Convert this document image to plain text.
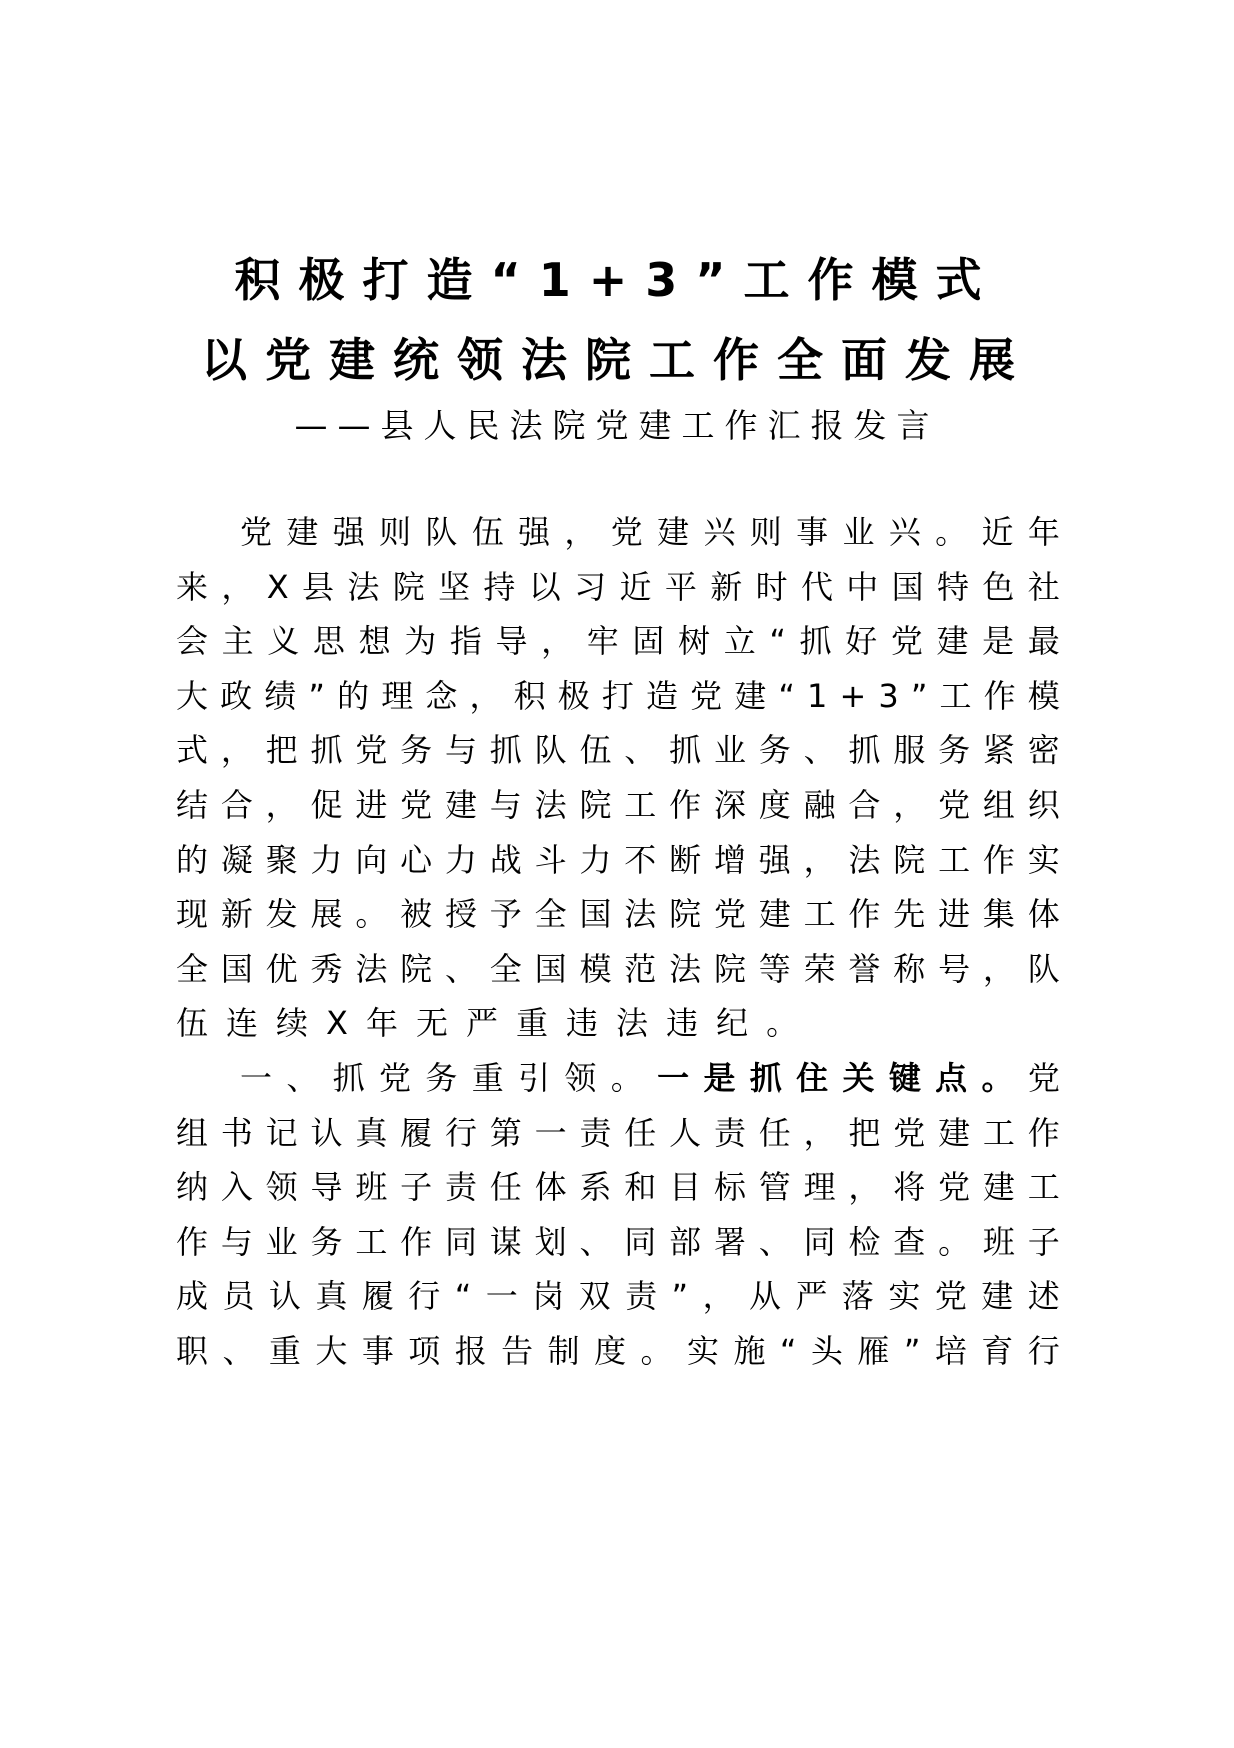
积极打造“1+3”工作模式
以党建统领法院工作全面发展
——县人民法院党建工作汇报发言
党 建 强 则 队 伍 强 ， 党 建 兴 则 事 业 兴 。 近 年
来 ， X 县 法 院 坚 持 以 习 近 平 新 时 代 中 国 特 色 社
会 主 义 思 想 为 指 导 ， 牢 固 树 立 “ 抓 好 党 建 是 最
大 政 绩 ” 的 理 念 ， 积 极 打 造 党 建 “ 1 + 3 ” 工 作 模
式 ， 把 抓 党 务 与 抓 队 伍 、 抓 业 务 、 抓 服 务 紧 密
结 合 ， 促 进 党 建 与 法 院 工 作 深 度 融 合 ， 党 组 织
的 凝 聚 力 向 心 力 战 斗 力 不 断 增 强 ， 法 院 工 作 实
现 新 发 展 。 被 授 予 全 国 法 院 党 建 工 作 先 进 集 体
全 国 优 秀 法 院 、 全 国 模 范 法 院 等 荣 誉 称 号 ， 队
伍 连 续 X 年 无 严 重 违 法 违 纪 。
一 、 抓 党 务 重 引 领 。 一 是 抓 住 关 键 点 。 党
组 书 记 认 真 履 行 第 一 责 任 人 责 任 ， 把 党 建 工 作
纳 入 领 导 班 子 责 任 体 系 和 目 标 管 理 ， 将 党 建 工
作 与 业 务 工 作 同 谋 划 、 同 部 署 、 同 检 查 。 班 子
成 员 认 真 履 行 “ 一 岗 双 责 ” ， 从 严 落 实 党 建 述
职 、 重 大 事 项 报 告 制 度 。 实 施 “ 头 雁 ” 培 育 行
